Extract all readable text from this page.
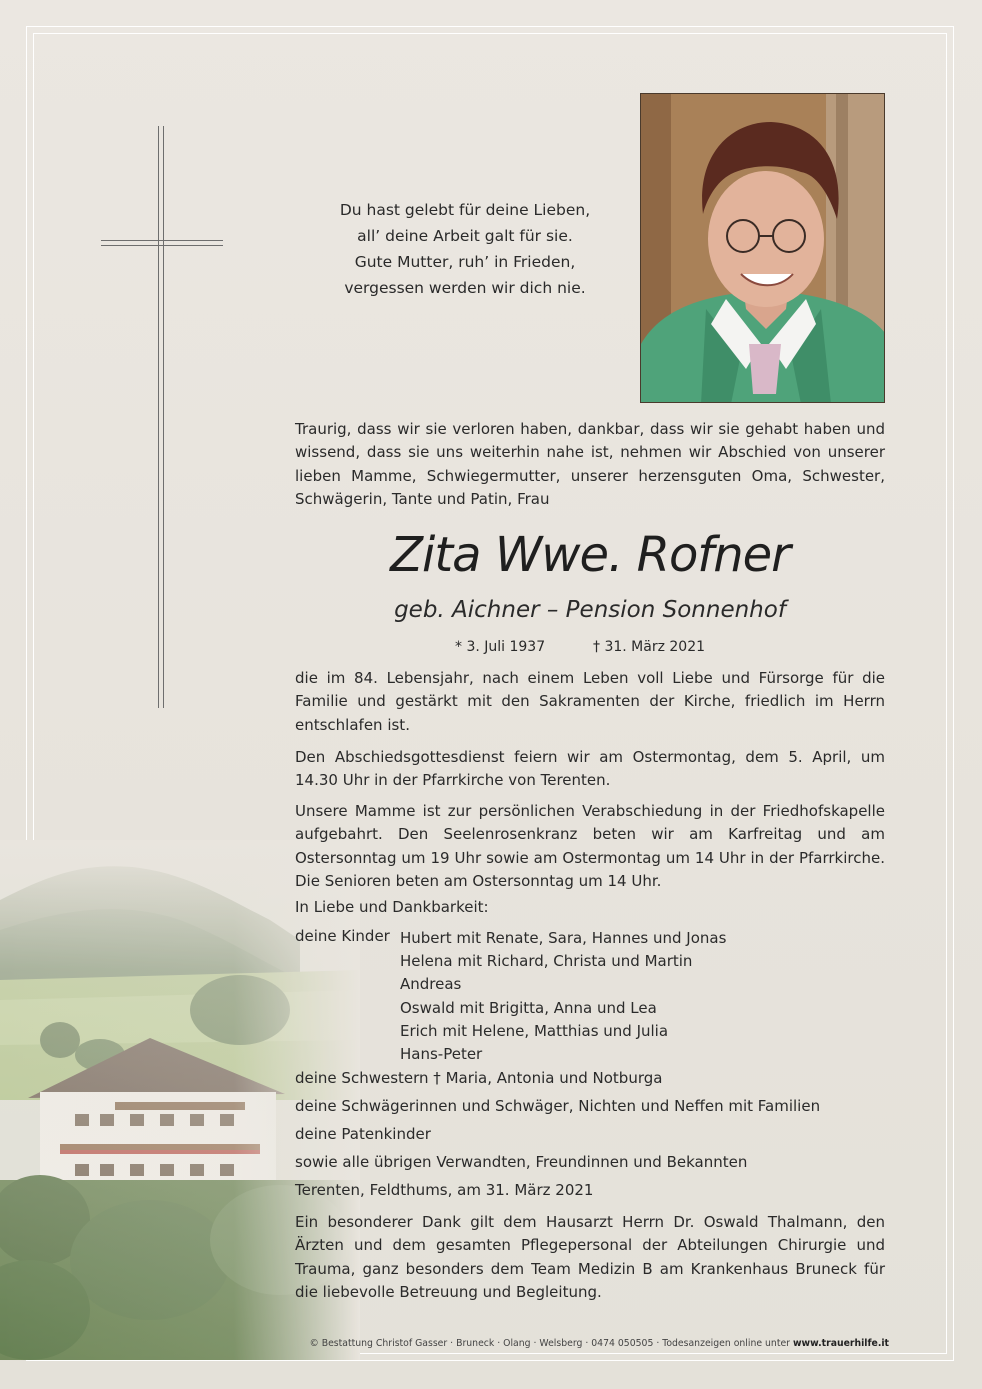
Du hast gelebt für deine Lieben,
all’ deine Arbeit galt für sie.
Gute Mutter, ruh’ in Frieden,
vergessen werden wir dich nie.
Traurig, dass wir sie verloren haben, dankbar, dass wir sie gehabt haben und wissend, dass sie uns weiterhin nahe ist, nehmen wir Abschied von unserer lieben Mamme, Schwiegermutter, unserer herzensguten Oma, Schwester, Schwägerin, Tante und Patin, Frau
Zita Wwe. Rofner
geb. Aichner – Pension Sonnenhof
* 3. Juli 1937	† 31. März 2021
die im 84. Lebensjahr, nach einem Leben voll Liebe und Fürsorge für die Familie und gestärkt mit den Sakramenten der Kirche, friedlich im Herrn entschlafen ist.
Den Abschiedsgottesdienst feiern wir am Ostermontag, dem 5. April, um 14.30 Uhr in der Pfarrkirche von Terenten.
Unsere Mamme ist zur persönlichen Verabschiedung in der Friedhofskapelle aufgebahrt. Den Seelenrosenkranz beten wir am Karfreitag und am Ostersonntag um 19 Uhr sowie am Ostermontag um 14 Uhr in der Pfarrkirche. Die Senioren beten am Ostersonntag um 14 Uhr.
In Liebe und Dankbarkeit:
deine Kinder Hubert mit Renate, Sara, Hannes und Jonas
Helena mit Richard, Christa und Martin
Andreas
Oswald mit Brigitta, Anna und Lea
Erich mit Helene, Matthias und Julia
Hans-Peter
deine Schwestern † Maria, Antonia und Notburga
deine Schwägerinnen und Schwäger, Nichten und Neffen mit Familien
deine Patenkinder
sowie alle übrigen Verwandten, Freundinnen und Bekannten
Terenten, Feldthums, am 31. März 2021
Ein besonderer Dank gilt dem Hausarzt Herrn Dr. Oswald Thalmann, den Ärzten und dem gesamten Pflegepersonal der Abteilungen Chirurgie und Trauma, ganz besonders dem Team Medizin B am Krankenhaus Bruneck für die liebevolle Betreuung und Begleitung.
© Bestattung Christof Gasser · Bruneck · Olang · Welsberg · 0474 050505 · Todesanzeigen online unter www.trauerhilfe.it
